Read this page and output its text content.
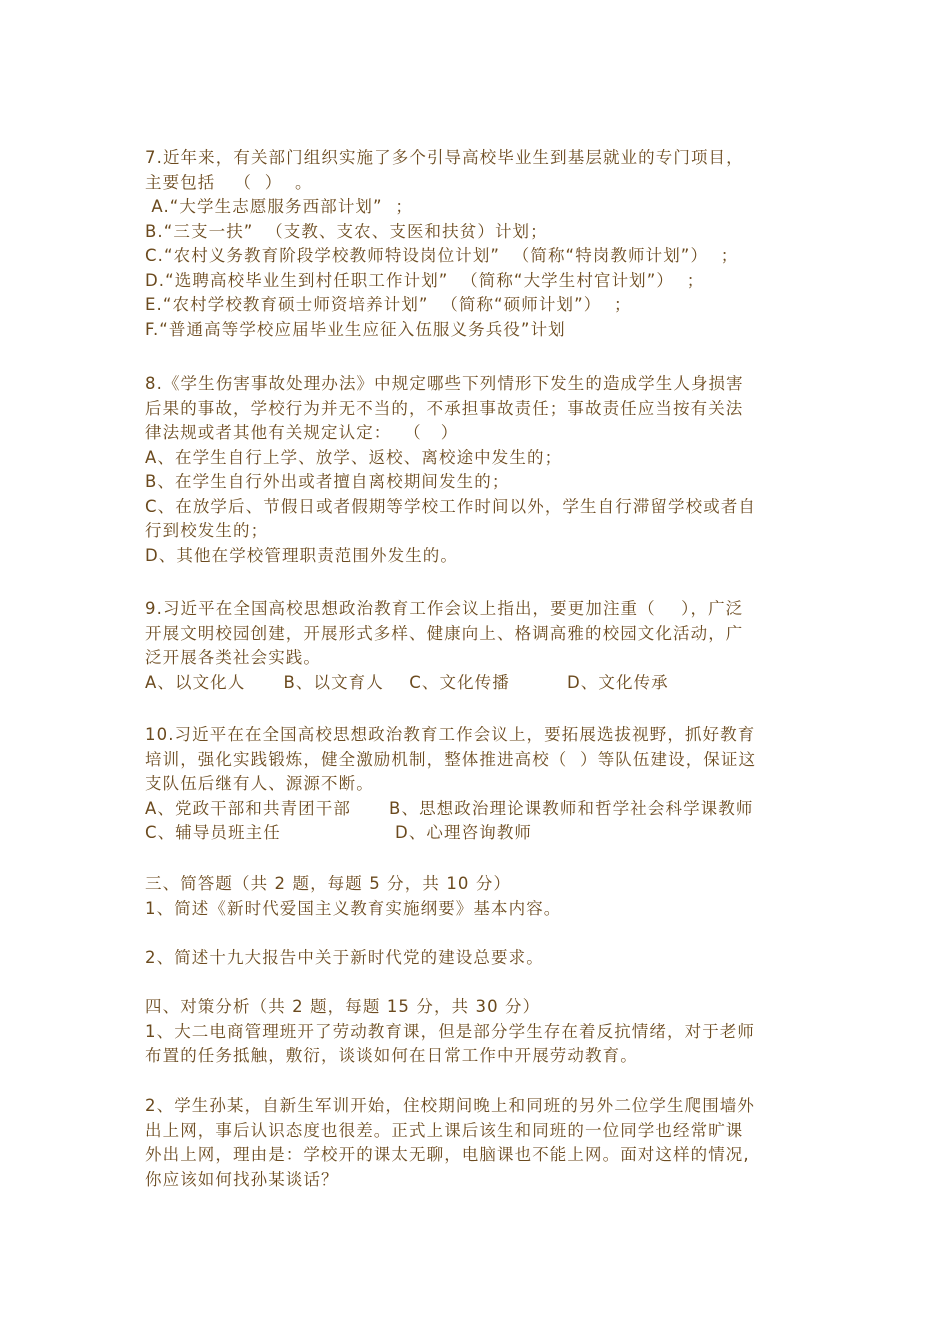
7.近年来，有关部门组织实施了多个引导高校毕业生到基层就业的专门项目，
主要包括   （  ）  。
A.“大学生志愿服务西部计划”  ；
B.“三支一扶”  （支教、支农、支医和扶贫）计划；
C.“农村义务教育阶段学校教师特设岗位计划”  （简称“特岗教师计划”）  ；
D.“选聘高校毕业生到村任职工作计划”  （简称“大学生村官计划”）  ；
E.“农村学校教育硕士师资培养计划”  （简称“硕师计划”）  ；
F.“普通高等学校应届毕业生应征入伍服义务兵役”计划
8.《学生伤害事故处理办法》中规定哪些下列情形下发生的造成学生人身损害
后果的事故，学校行为并无不当的，不承担事故责任；事故责任应当按有关法
律法规或者其他有关规定认定：  （   ）
A、在学生自行上学、放学、返校、离校途中发生的；
B、在学生自行外出或者擅自离校期间发生的；
C、在放学后、节假日或者假期等学校工作时间以外，学生自行滞留学校或者自
行到校发生的；
D、其他在学校管理职责范围外发生的。
9.习近平在全国高校思想政治教育工作会议上指出，要更加注重（    ），广泛
开展文明校园创建，开展形式多样、健康向上、格调高雅的校园文化活动，广
泛开展各类社会实践。
A、以文化人      B、以文育人    C、文化传播         D、文化传承
10.习近平在在全国高校思想政治教育工作会议上，要拓展选拔视野，抓好教育
培训，强化实践锻炼，健全激励机制，整体推进高校（  ）等队伍建设，保证这
支队伍后继有人、源源不断。
A、党政干部和共青团干部      B、思想政治理论课教师和哲学社会科学课教师
C、辅导员班主任                  D、心理咨询教师
三、简答题（共 2 题，每题 5 分，共 10 分）
1、简述《新时代爱国主义教育实施纲要》基本内容。
2、简述十九大报告中关于新时代党的建设总要求。
四、对策分析（共 2 题，每题 15 分，共 30 分）
1、大二电商管理班开了劳动教育课，但是部分学生存在着反抗情绪，对于老师
布置的任务抵触，敷衍，谈谈如何在日常工作中开展劳动教育。
2、学生孙某，自新生军训开始，住校期间晚上和同班的另外二位学生爬围墙外
出上网，事后认识态度也很差。正式上课后该生和同班的一位同学也经常旷课
外出上网，理由是：学校开的课太无聊，电脑课也不能上网。面对这样的情况,
你应该如何找孙某谈话？
